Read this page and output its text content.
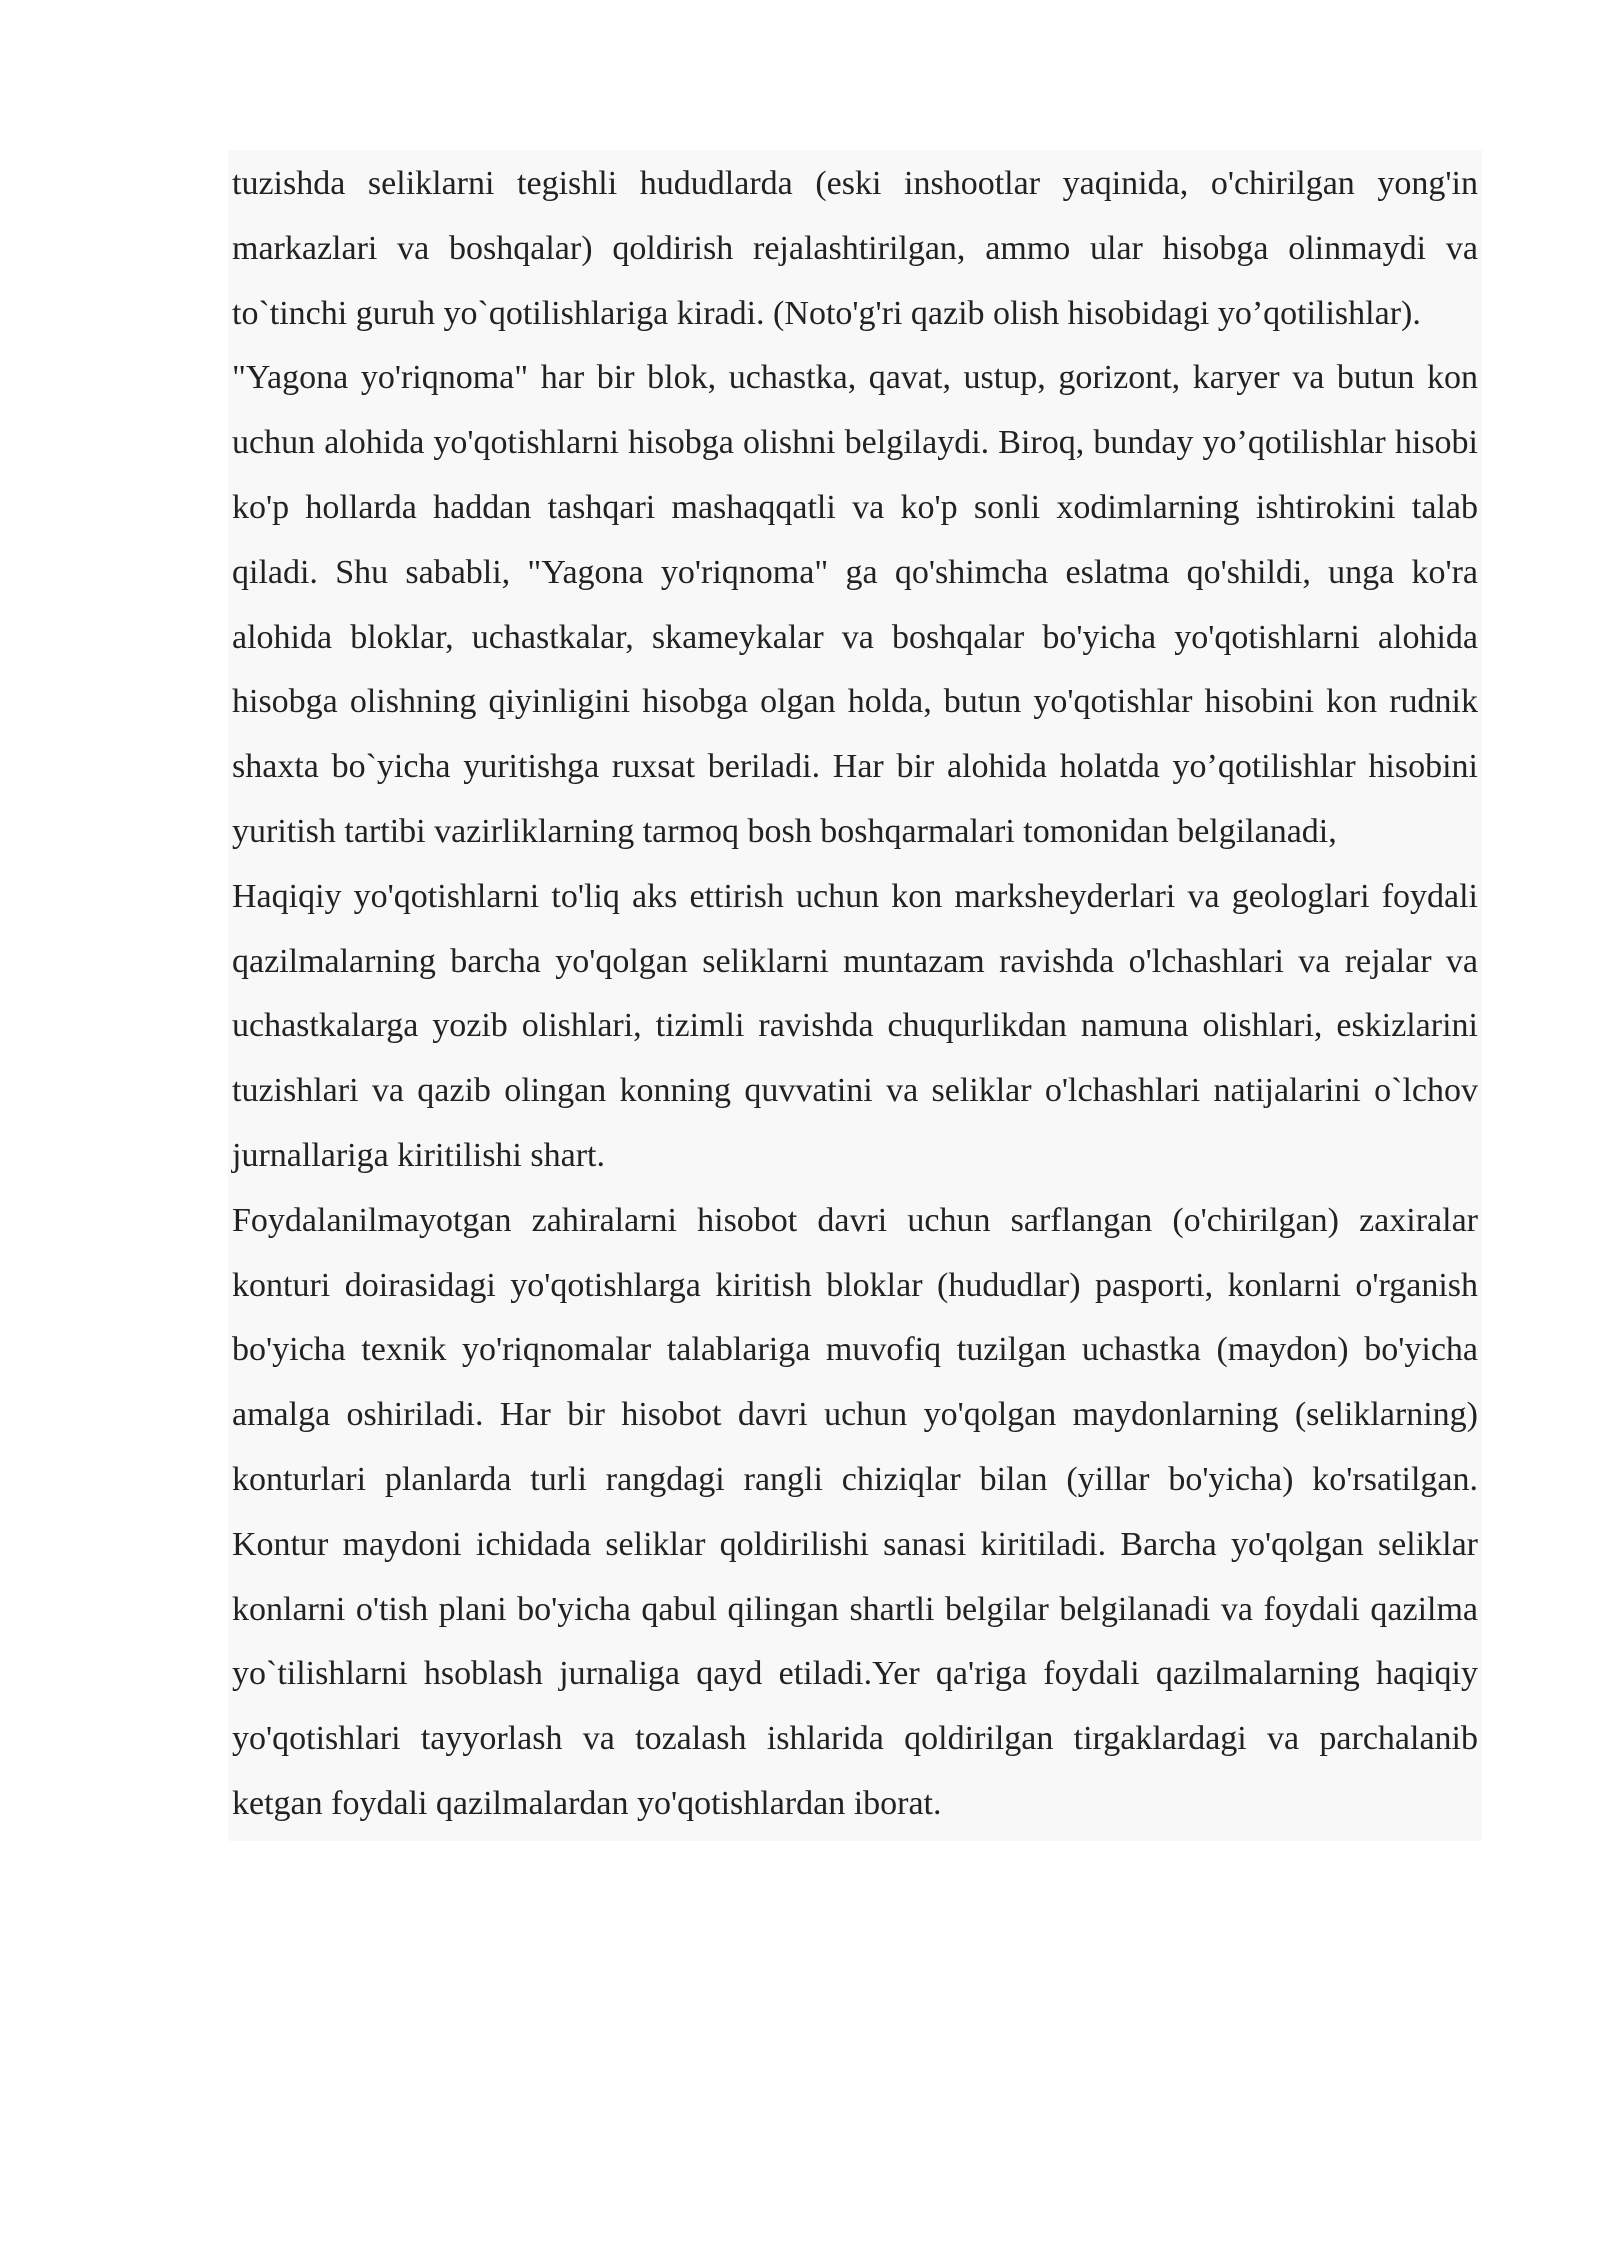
tuzishda seliklarni tegishli hududlarda (eski inshootlar yaqinida, o'chirilgan yong'in markazlari va boshqalar) qoldirish rejalashtirilgan, ammo ular hisobga olinmaydi va to`tinchi guruh yo`qotilishlariga kiradi. (Noto'g'ri qazib olish hisobidagi yo’qotilishlar).

"Yagona yo'riqnoma" har bir blok, uchastka, qavat, ustup, gorizont, karyer va butun kon uchun alohida yo'qotishlarni hisobga olishni belgilaydi. Biroq, bunday yo’qotilishlar hisobi ko'p hollarda haddan tashqari mashaqqatli va ko'p sonli xodimlarning ishtirokini talab qiladi. Shu sababli, "Yagona yo'riqnoma" ga qo'shimcha eslatma qo'shildi, unga ko'ra alohida bloklar, uchastkalar, skameykalar va boshqalar bo'yicha yo'qotishlarni alohida hisobga olishning qiyinligini hisobga olgan holda, butun yo'qotishlar hisobini kon rudnik shaxta bo`yicha yuritishga ruxsat beriladi. Har bir alohida holatda yo’qotilishlar hisobini yuritish tartibi vazirliklarning tarmoq bosh boshqarmalari tomonidan belgilanadi,

Haqiqiy yo'qotishlarni to'liq aks ettirish uchun kon marksheyderlari va geologlari foydali qazilmalarning barcha yo'qolgan seliklarni muntazam ravishda o'lchashlari va rejalar va uchastkalarga yozib olishlari, tizimli ravishda chuqurlikdan namuna olishlari, eskizlarini tuzishlari va qazib olingan konning quvvatini va seliklar o'lchashlari natijalarini o`lchov jurnallariga kiritilishi shart.

Foydalanilmayotgan zahiralarni hisobot davri uchun sarflangan (o'chirilgan) zaxiralar konturi doirasidagi yo'qotishlarga kiritish bloklar (hududlar) pasporti, konlarni o'rganish bo'yicha texnik yo'riqnomalar talablariga muvofiq tuzilgan uchastka (maydon) bo'yicha amalga oshiriladi. Har bir hisobot davri uchun yo'qolgan maydonlarning (seliklarning) konturlari planlarda turli rangdagi rangli chiziqlar bilan (yillar bo'yicha) ko'rsatilgan. Kontur maydoni ichidada seliklar qoldirilishi sanasi kiritiladi. Barcha yo'qolgan seliklar konlarni o'tish plani bo'yicha qabul qilingan shartli belgilar belgilanadi va foydali qazilma yo`tilishlarni hsoblash jurnaliga qayd etiladi.Yer qa'riga foydali qazilmalarning haqiqiy yo'qotishlari tayyorlash va tozalash ishlarida qoldirilgan tirgaklardagi va parchalanib ketgan foydali qazilmalardan yo'qotishlardan iborat.
